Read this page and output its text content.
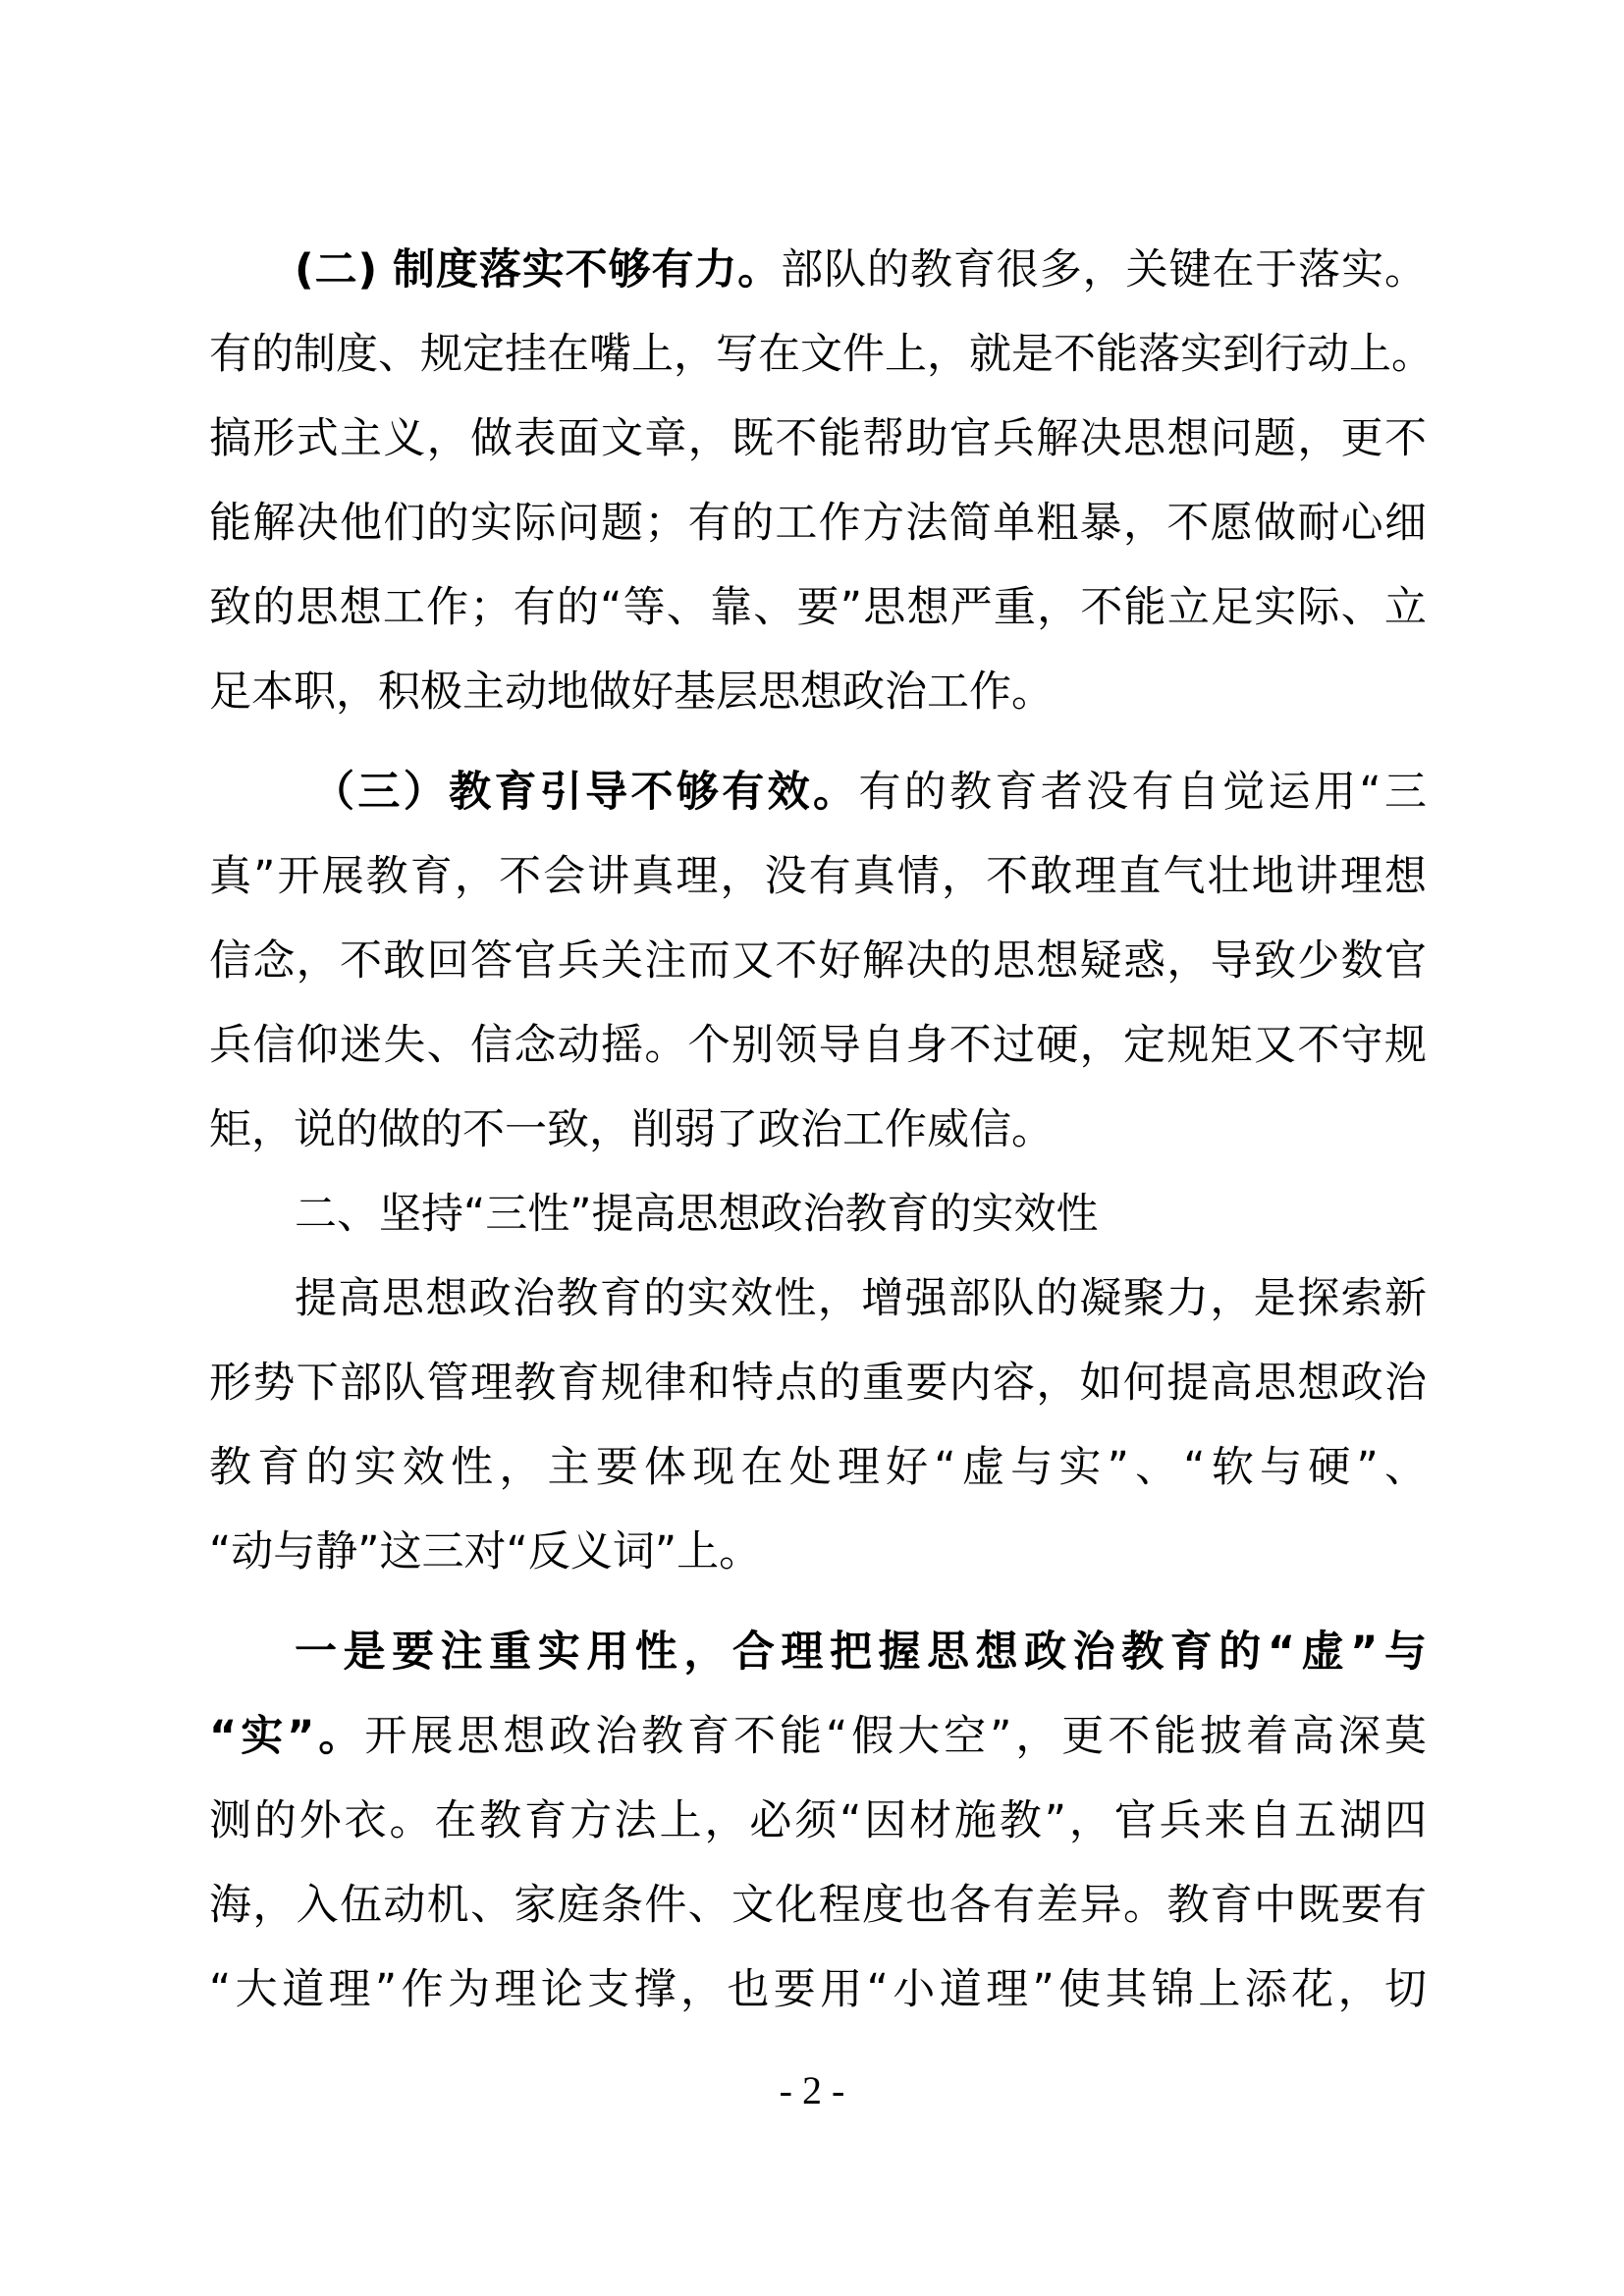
(二) 制度落实不够有力。部队的教育很多，关键在于落实。
有的制度、规定挂在嘴上，写在文件上，就是不能落实到行动上。
搞形式主义，做表面文章，既不能帮助官兵解决思想问题，更不
能解决他们的实际问题；有的工作方法简单粗暴，不愿做耐心细
致的思想工作；有的“等、靠、要”思想严重，不能立足实际、立
足本职，积极主动地做好基层思想政治工作。
（三）教育引导不够有效。有的教育者没有自觉运用“三
真”开展教育，不会讲真理，没有真情，不敢理直气壮地讲理想
信念，不敢回答官兵关注而又不好解决的思想疑惑，导致少数官
兵信仰迷失、信念动摇。个别领导自身不过硬，定规矩又不守规
矩，说的做的不一致，削弱了政治工作威信。
二、坚持“三性”提高思想政治教育的实效性
提高思想政治教育的实效性，增强部队的凝聚力，是探索新
形势下部队管理教育规律和特点的重要内容，如何提高思想政治
教育的实效性，主要体现在处理好“虚与实”、“软与硬”、
“动与静”这三对“反义词”上。
一是要注重实用性，合理把握思想政治教育的“虚”与
“实”。开展思想政治教育不能“假大空”，更不能披着高深莫
测的外衣。在教育方法上，必须“因材施教”，官兵来自五湖四
海，入伍动机、家庭条件、文化程度也各有差异。教育中既要有
“大道理”作为理论支撑，也要用“小道理”使其锦上添花，切
- 2 -
